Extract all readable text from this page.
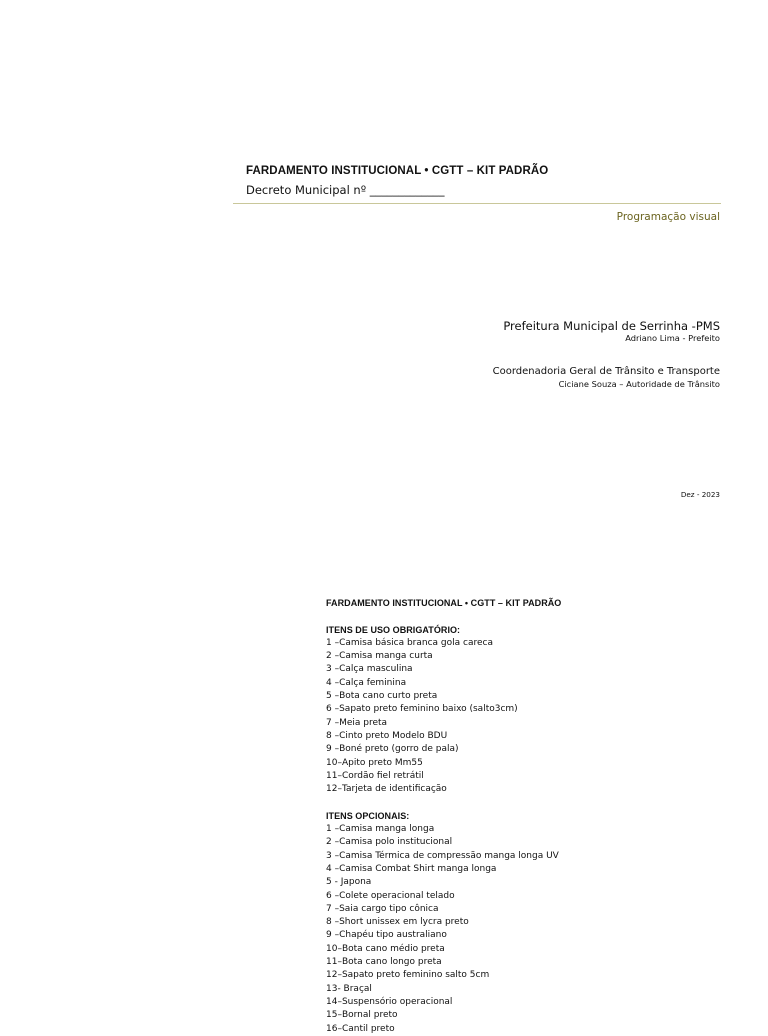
FARDAMENTO INSTITUCIONAL • CGTT – KIT PADRÃO
Decreto Municipal nº _____________
Programação visual
Prefeitura Municipal de Serrinha -PMS
Adriano Lima - Prefeito
Coordenadoria Geral de Trânsito e Transporte
Ciciane Souza – Autoridade de Trânsito
Dez - 2023
FARDAMENTO INSTITUCIONAL • CGTT – KIT PADRÃO
ITENS DE USO OBRIGATÓRIO:
1 –Camisa básica branca gola careca
2 –Camisa manga curta
3 –Calça masculina
4 –Calça feminina
5 –Bota cano curto preta
6 –Sapato preto feminino baixo (salto3cm)
7 –Meia preta
8 –Cinto preto Modelo BDU
9 –Boné preto (gorro de pala)
10–Apito preto Mm55
11–Cordão fiel retrátil
12–Tarjeta de identificação
ITENS OPCIONAIS:
1 –Camisa manga longa
2 –Camisa polo institucional
3 –Camisa Térmica de compressão manga longa UV
4 –Camisa Combat Shirt manga longa
5 - Japona
6 –Colete operacional telado
7 –Saia cargo tipo cônica
8 –Short unissex em lycra preto
9 –Chapéu tipo australiano
10–Bota cano médio preta
11–Bota cano longo preta
12–Sapato preto feminino salto 5cm
13- Braçal
14–Suspensório operacional
15–Bornal preto
16–Cantil preto
